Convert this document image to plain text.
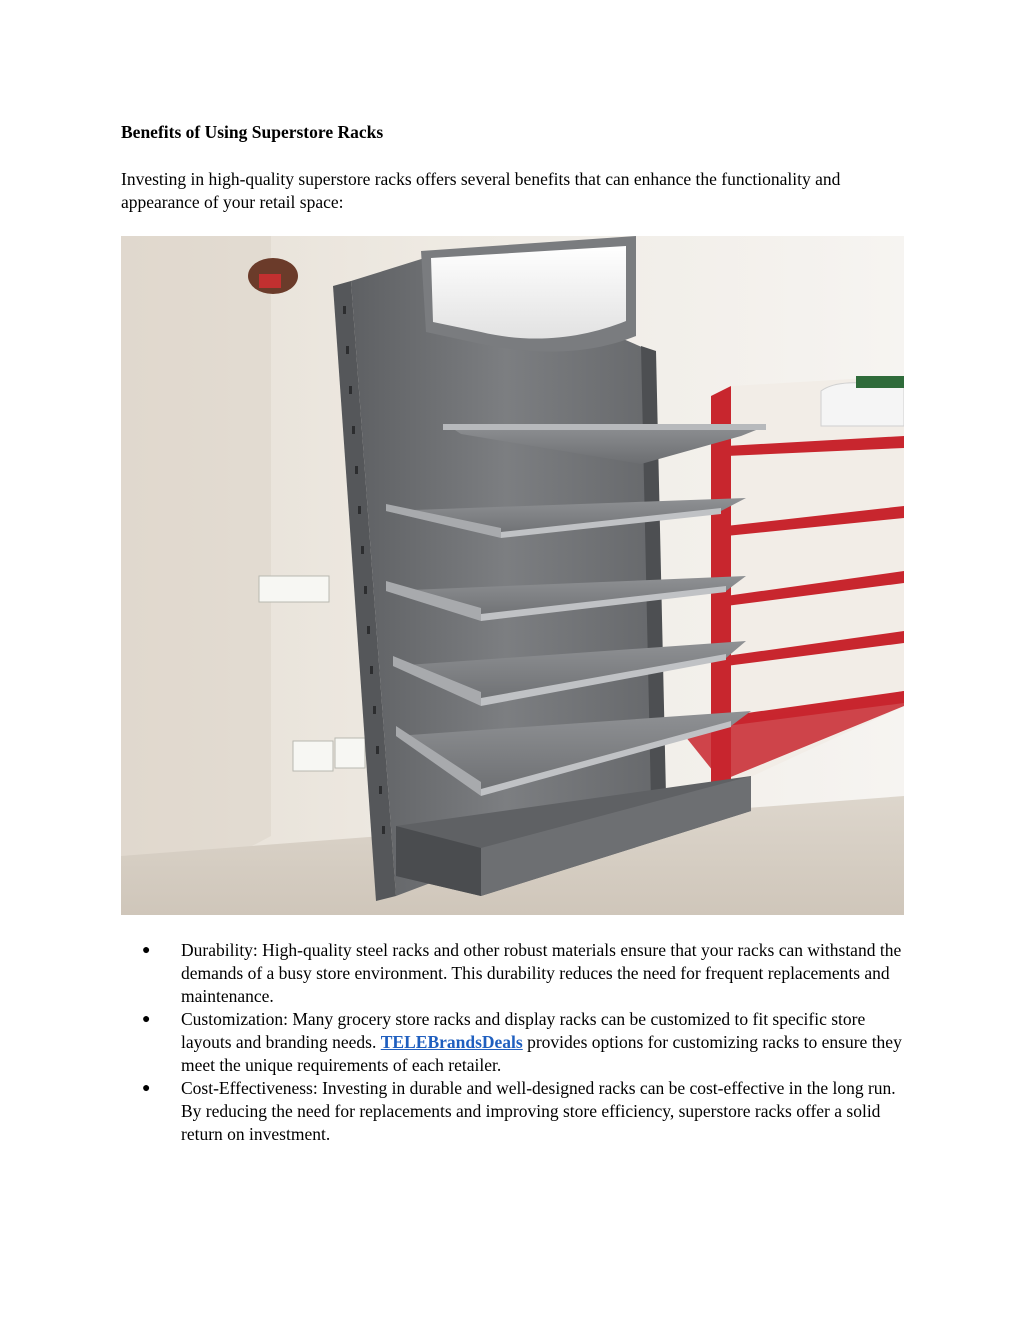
Benefits of Using Superstore Racks

Investing in high-quality superstore racks offers several benefits that can enhance the functionality and appearance of your retail space:

● Durability: High-quality steel racks and other robust materials ensure that your racks can withstand the demands of a busy store environment. This durability reduces the need for frequent replacements and maintenance.
● Customization: Many grocery store racks and display racks can be customized to fit specific store layouts and branding needs. TELEBrandsDeals provides options for customizing racks to ensure they meet the unique requirements of each retailer.
● Cost-Effectiveness: Investing in durable and well-designed racks can be cost-effective in the long run. By reducing the need for replacements and improving store efficiency, superstore racks offer a solid return on investment.
